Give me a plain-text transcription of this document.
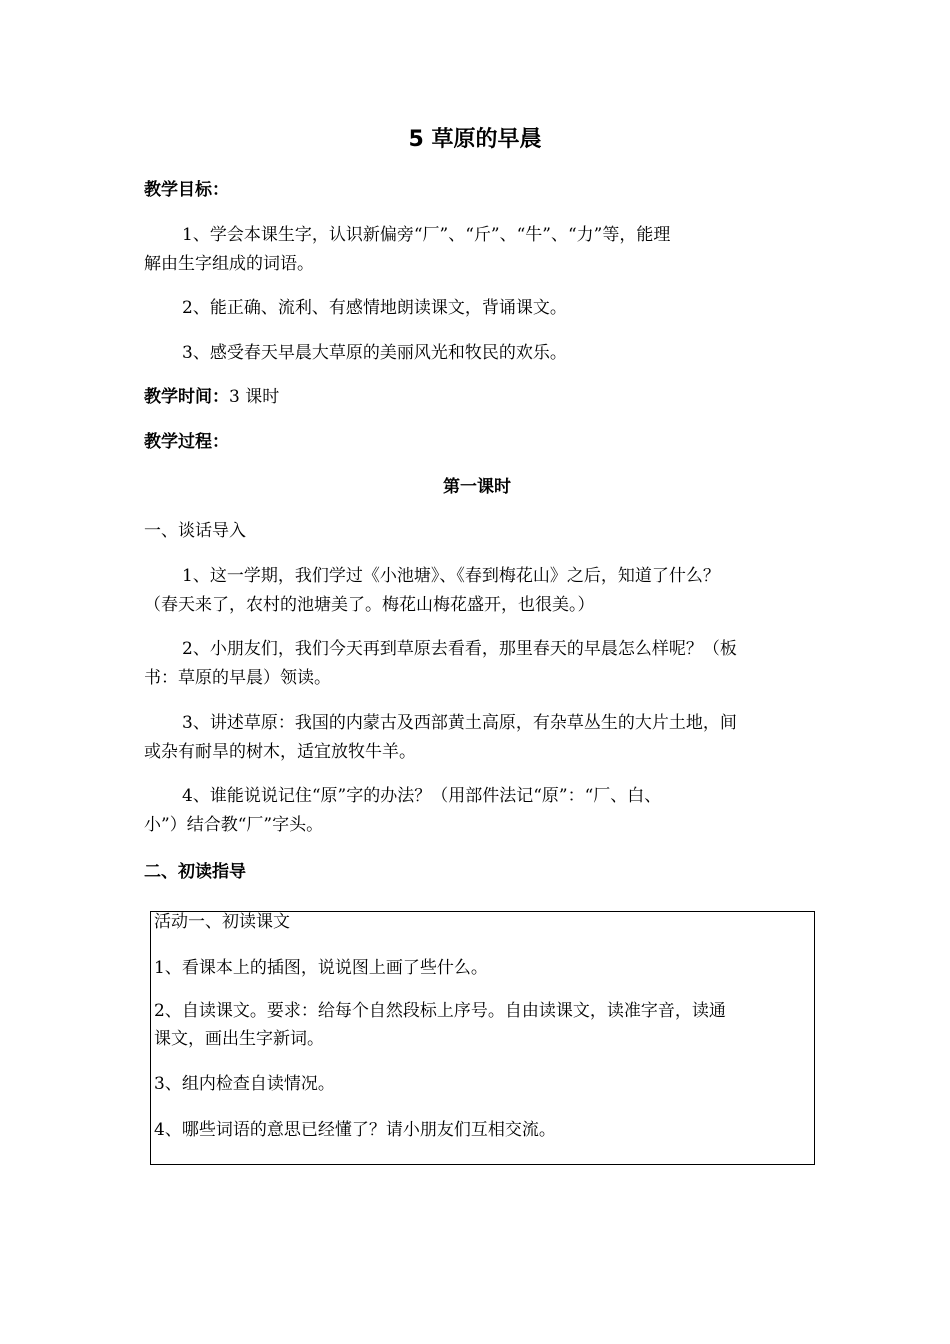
5 草原的早晨
教学目标：
1、学会本课生字，认识新偏旁“厂”、“斤”、“牛”、“力”等，能理
解由生字组成的词语。
2、能正确、流利、有感情地朗读课文，背诵课文。
3、感受春天早晨大草原的美丽风光和牧民的欢乐。
教学时间：3 课时
教学过程：
第一课时
一、谈话导入
1、这一学期，我们学过《小池塘》、《春到梅花山》之后，知道了什么？
（春天来了，农村的池塘美了。梅花山梅花盛开，也很美。）
2、小朋友们，我们今天再到草原去看看，那里春天的早晨怎么样呢？（板
书：草原的早晨）领读。
3、讲述草原：我国的内蒙古及西部黄土高原，有杂草丛生的大片土地，间
或杂有耐旱的树木，适宜放牧牛羊。
4、谁能说说记住“原”字的办法？（用部件法记“原”：“厂、白、
小”）结合教“厂”字头。
二、初读指导
活动一、初读课文
1、看课本上的插图，说说图上画了些什么。
2、自读课文。要求：给每个自然段标上序号。自由读课文，读准字音，读通
课文，画出生字新词。
3、组内检查自读情况。
4、哪些词语的意思已经懂了？请小朋友们互相交流。
